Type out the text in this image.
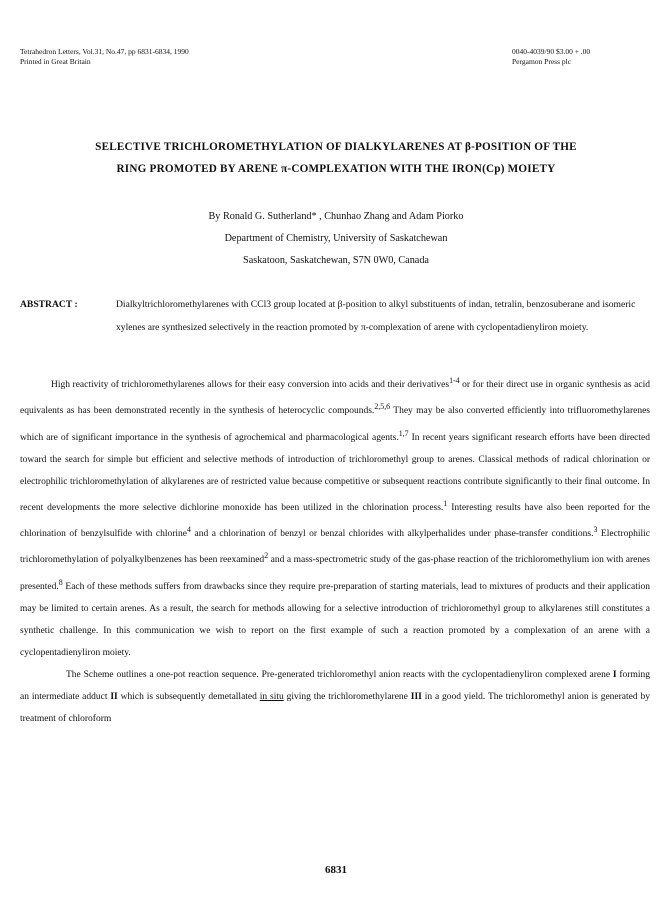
Tetrahedron Letters, Vol.31, No.47, pp 6831-6834, 1990
Printed in Great Britain
0040-4039/90 $3.00 + .00
Pergamon Press plc
SELECTIVE TRICHLOROMETHYLATION OF DIALKYLARENES AT β-POSITION OF THE
RING PROMOTED BY ARENE π-COMPLEXATION WITH THE IRON(Cp) MOIETY
By Ronald G. Sutherland* , Chunhao Zhang and Adam Piorko
Department of Chemistry, University of Saskatchewan
Saskatoon, Saskatchewan, S7N 0W0, Canada
ABSTRACT :	Dialkyltrichloromethylarenes with CCl3 group located at β-position to alkyl substituents of indan, tetralin, benzosuberane and isomeric xylenes are synthesized selectively in the reaction promoted by π-complexation of arene with cyclopentadienyliron moiety.

High reactivity of trichloromethylarenes allows for their easy conversion into acids and their derivatives$^{1-4}$ or for their direct use in organic synthesis as acid equivalents as has been demonstrated recently in the synthesis of heterocyclic compounds.$^{2,5,6}$ They may be also converted efficiently into trifluoromethylarenes which are of significant importance in the synthesis of agrochemical and pharmacological agents.$^{1,7}$ In recent years significant research efforts have been directed toward the search for simple but efficient and selective methods of introduction of trichloromethyl group to arenes. Classical methods of radical chlorination or electrophilic trichloromethylation of alkylarenes are of restricted value because competitive or subsequent reactions contribute significantly to their final outcome. In recent developments the more selective dichlorine monoxide has been utilized in the chlorination process.$^1$ Interesting results have also been reported for the chlorination of benzylsulfide with chlorine$^4$ and a chlorination of benzyl or benzal chlorides with alkylperhalides under phase-transfer conditions.$^3$ Electrophilic trichloromethylation of polyalkylbenzenes has been reexamined$^2$ and a mass-spectrometric study of the gas-phase reaction of the trichloromethylium ion with arenes presented.$^8$ Each of these methods suffers from drawbacks since they require pre-preparation of starting materials, lead to mixtures of products and their application may be limited to certain arenes. As a result, the search for methods allowing for a selective introduction of trichloromethyl group to alkylarenes still constitutes a synthetic challenge. In this communication we wish to report on the first example of such a reaction promoted by a complexation of an arene with a cyclopentadienyliron moiety.

The Scheme outlines a one-pot reaction sequence. Pre-generated trichloromethyl anion reacts with the cyclopentadienyliron complexed arene I forming an intermediate adduct II which is subsequently demetallated in situ giving the trichloromethylarene III in a good yield. The trichloromethyl anion is generated by treatment of chloroform

6831
